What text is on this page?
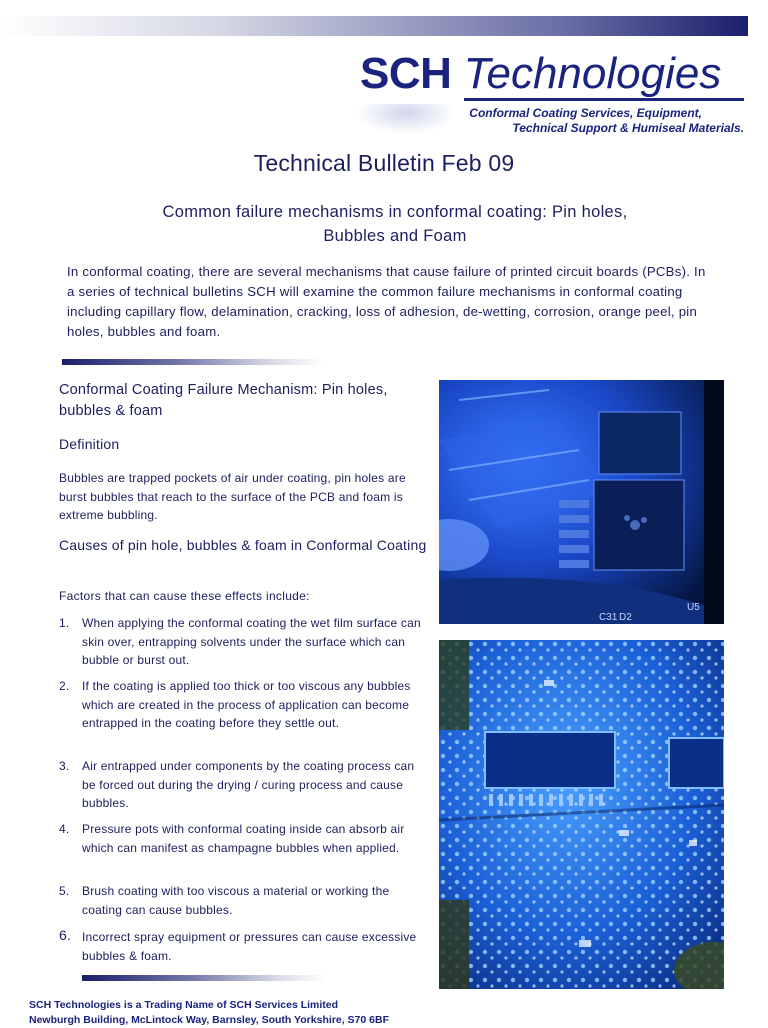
SCH Technologies
Conformal Coating Services, Equipment,
Technical Support & Humiseal Materials.
Technical Bulletin Feb 09
Common failure mechanisms in conformal coating: Pin holes,
Bubbles and Foam
In conformal coating, there are several mechanisms that cause failure of printed circuit boards (PCBs). In a series of technical bulletins SCH will examine the common failure mechanisms in conformal coating including capillary flow, delamination, cracking, loss of adhesion, de-wetting, corrosion, orange peel, pin holes, bubbles and foam.
Conformal Coating Failure Mechanism: Pin holes, bubbles & foam
Definition
Bubbles are trapped pockets of air under coating, pin holes are burst bubbles that reach to the surface of the PCB and foam is extreme bubbling.
Causes of pin hole, bubbles & foam in Conformal Coating
Factors that can cause these effects include:
1. When applying the conformal coating the wet film surface can skin over, entrapping solvents under the surface which can bubble or burst out.
2. If the coating is applied too thick or too viscous any bubbles which are created in the process of application can become entrapped in the coating before they settle out.
3. Air entrapped under components by the coating process can be forced out during the drying / curing process and cause bubbles.
4. Pressure pots with conformal coating inside can absorb air which can manifest as champagne bubbles when applied.
5. Brush coating with too viscous a material or working the coating can cause bubbles.
6. Incorrect spray equipment or pressures can cause excessive bubbles & foam.
C31 D2
U5
SCH Technologies is a Trading Name of SCH Services Limited
Newburgh Building, McLintock Way, Barnsley, South Yorkshire, S70 6BF
